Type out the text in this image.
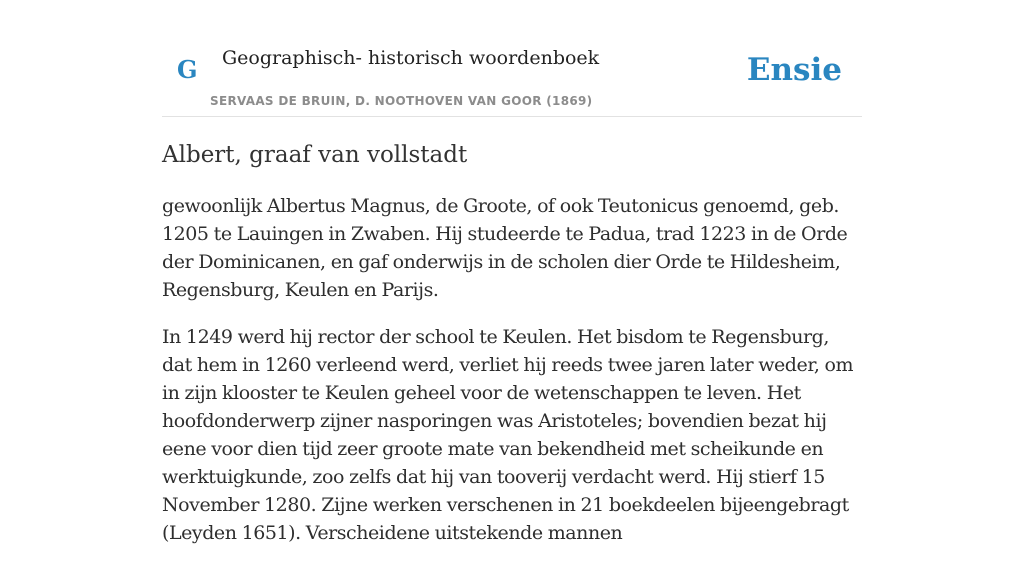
G Geographisch- historisch woordenboek
SERVAAS DE BRUIN, D. NOOTHOVEN VAN GOOR (1869)
Ensie
Albert, graaf van vollstadt

gewoonlijk Albertus Magnus, de Groote, of ook Teutonicus genoemd, geb. 1205 te Lauingen in Zwaben. Hij studeerde te Padua, trad 1223 in de Orde der Dominicanen, en gaf onderwijs in de scholen dier Orde te Hildesheim, Regensburg, Keulen en Parijs.

In 1249 werd hij rector der school te Keulen. Het bisdom te Regensburg, dat hem in 1260 verleend werd, verliet hij reeds twee jaren later weder, om in zijn klooster te Keulen geheel voor de wetenschappen te leven. Het hoofdonderwerp zijner nasporingen was Aristoteles; bovendien bezat hij eene voor dien tijd zeer groote mate van bekendheid met scheikunde en werktuigkunde, zoo zelfs dat hij van tooverij verdacht werd. Hij stierf 15 November 1280. Zijne werken verschenen in 21 boekdeelen bijeengebragt (Leyden 1651). Verscheidene uitstekende mannen
